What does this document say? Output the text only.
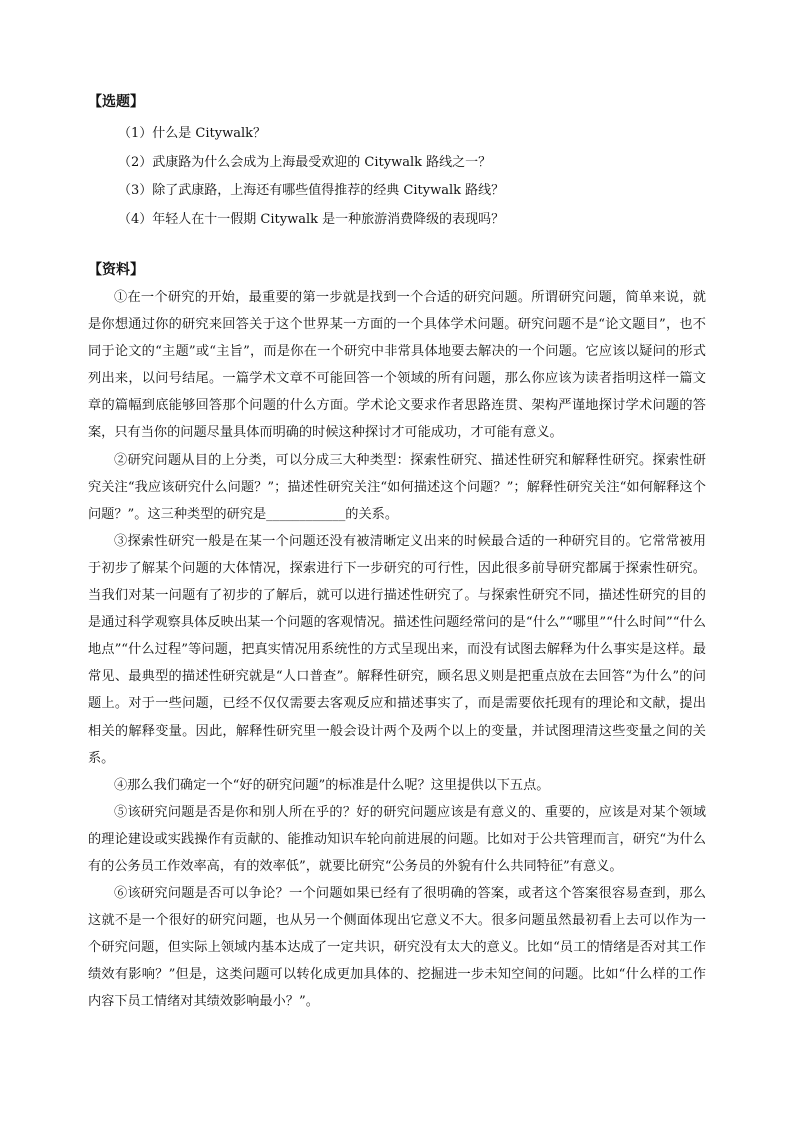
【选题】
（1）什么是 Citywalk？
（2）武康路为什么会成为上海最受欢迎的 Citywalk 路线之一？
（3）除了武康路，上海还有哪些值得推荐的经典 Citywalk 路线？
（4）年轻人在十一假期 Citywalk 是一种旅游消费降级的表现吗？
【资料】

①在一个研究的开始，最重要的第一步就是找到一个合适的研究问题。所谓研究问题，简单来说，就是你想通过你的研究来回答关于这个世界某一方面的一个具体学术问题。研究问题不是“论文题目”，也不同于论文的“主题”或“主旨”，而是你在一个研究中非常具体地要去解决的一个问题。它应该以疑问的形式列出来，以问号结尾。一篇学术文章不可能回答一个领域的所有问题，那么你应该为读者指明这样一篇文章的篇幅到底能够回答那个问题的什么方面。学术论文要求作者思路连贯、架构严谨地探讨学术问题的答案，只有当你的问题尽量具体而明确的时候这种探讨才可能成功，才可能有意义。

②研究问题从目的上分类，可以分成三大种类型：探索性研究、描述性研究和解释性研究。探索性研究关注“我应该研究什么问题？”；描述性研究关注“如何描述这个问题？”；解释性研究关注“如何解释这个问题？”。这三种类型的研究是____________的关系。

③探索性研究一般是在某一个问题还没有被清晰定义出来的时候最合适的一种研究目的。它常常被用于初步了解某个问题的大体情况，探索进行下一步研究的可行性，因此很多前导研究都属于探索性研究。当我们对某一问题有了初步的了解后，就可以进行描述性研究了。与探索性研究不同，描述性研究的目的是通过科学观察具体反映出某一个问题的客观情况。描述性问题经常问的是“什么”“哪里”“什么时间”“什么地点”“什么过程”等问题，把真实情况用系统性的方式呈现出来，而没有试图去解释为什么事实是这样。最常见、最典型的描述性研究就是“人口普查”。解释性研究，顾名思义则是把重点放在去回答“为什么”的问题上。对于一些问题，已经不仅仅需要去客观反应和描述事实了，而是需要依托现有的理论和文献，提出相关的解释变量。因此，解释性研究里一般会设计两个及两个以上的变量，并试图理清这些变量之间的关系。

④那么我们确定一个“好的研究问题”的标准是什么呢？这里提供以下五点。

⑤该研究问题是否是你和别人所在乎的？好的研究问题应该是有意义的、重要的，应该是对某个领域的理论建设或实践操作有贡献的、能推动知识车轮向前进展的问题。比如对于公共管理而言，研究“为什么有的公务员工作效率高，有的效率低”，就要比研究“公务员的外貌有什么共同特征”有意义。

⑥该研究问题是否可以争论？一个问题如果已经有了很明确的答案，或者这个答案很容易查到，那么这就不是一个很好的研究问题，也从另一个侧面体现出它意义不大。很多问题虽然最初看上去可以作为一个研究问题，但实际上领域内基本达成了一定共识，研究没有太大的意义。比如“员工的情绪是否对其工作绩效有影响？”但是，这类问题可以转化成更加具体的、挖掘进一步未知空间的问题。比如“什么样的工作内容下员工情绪对其绩效影响最小？”。
